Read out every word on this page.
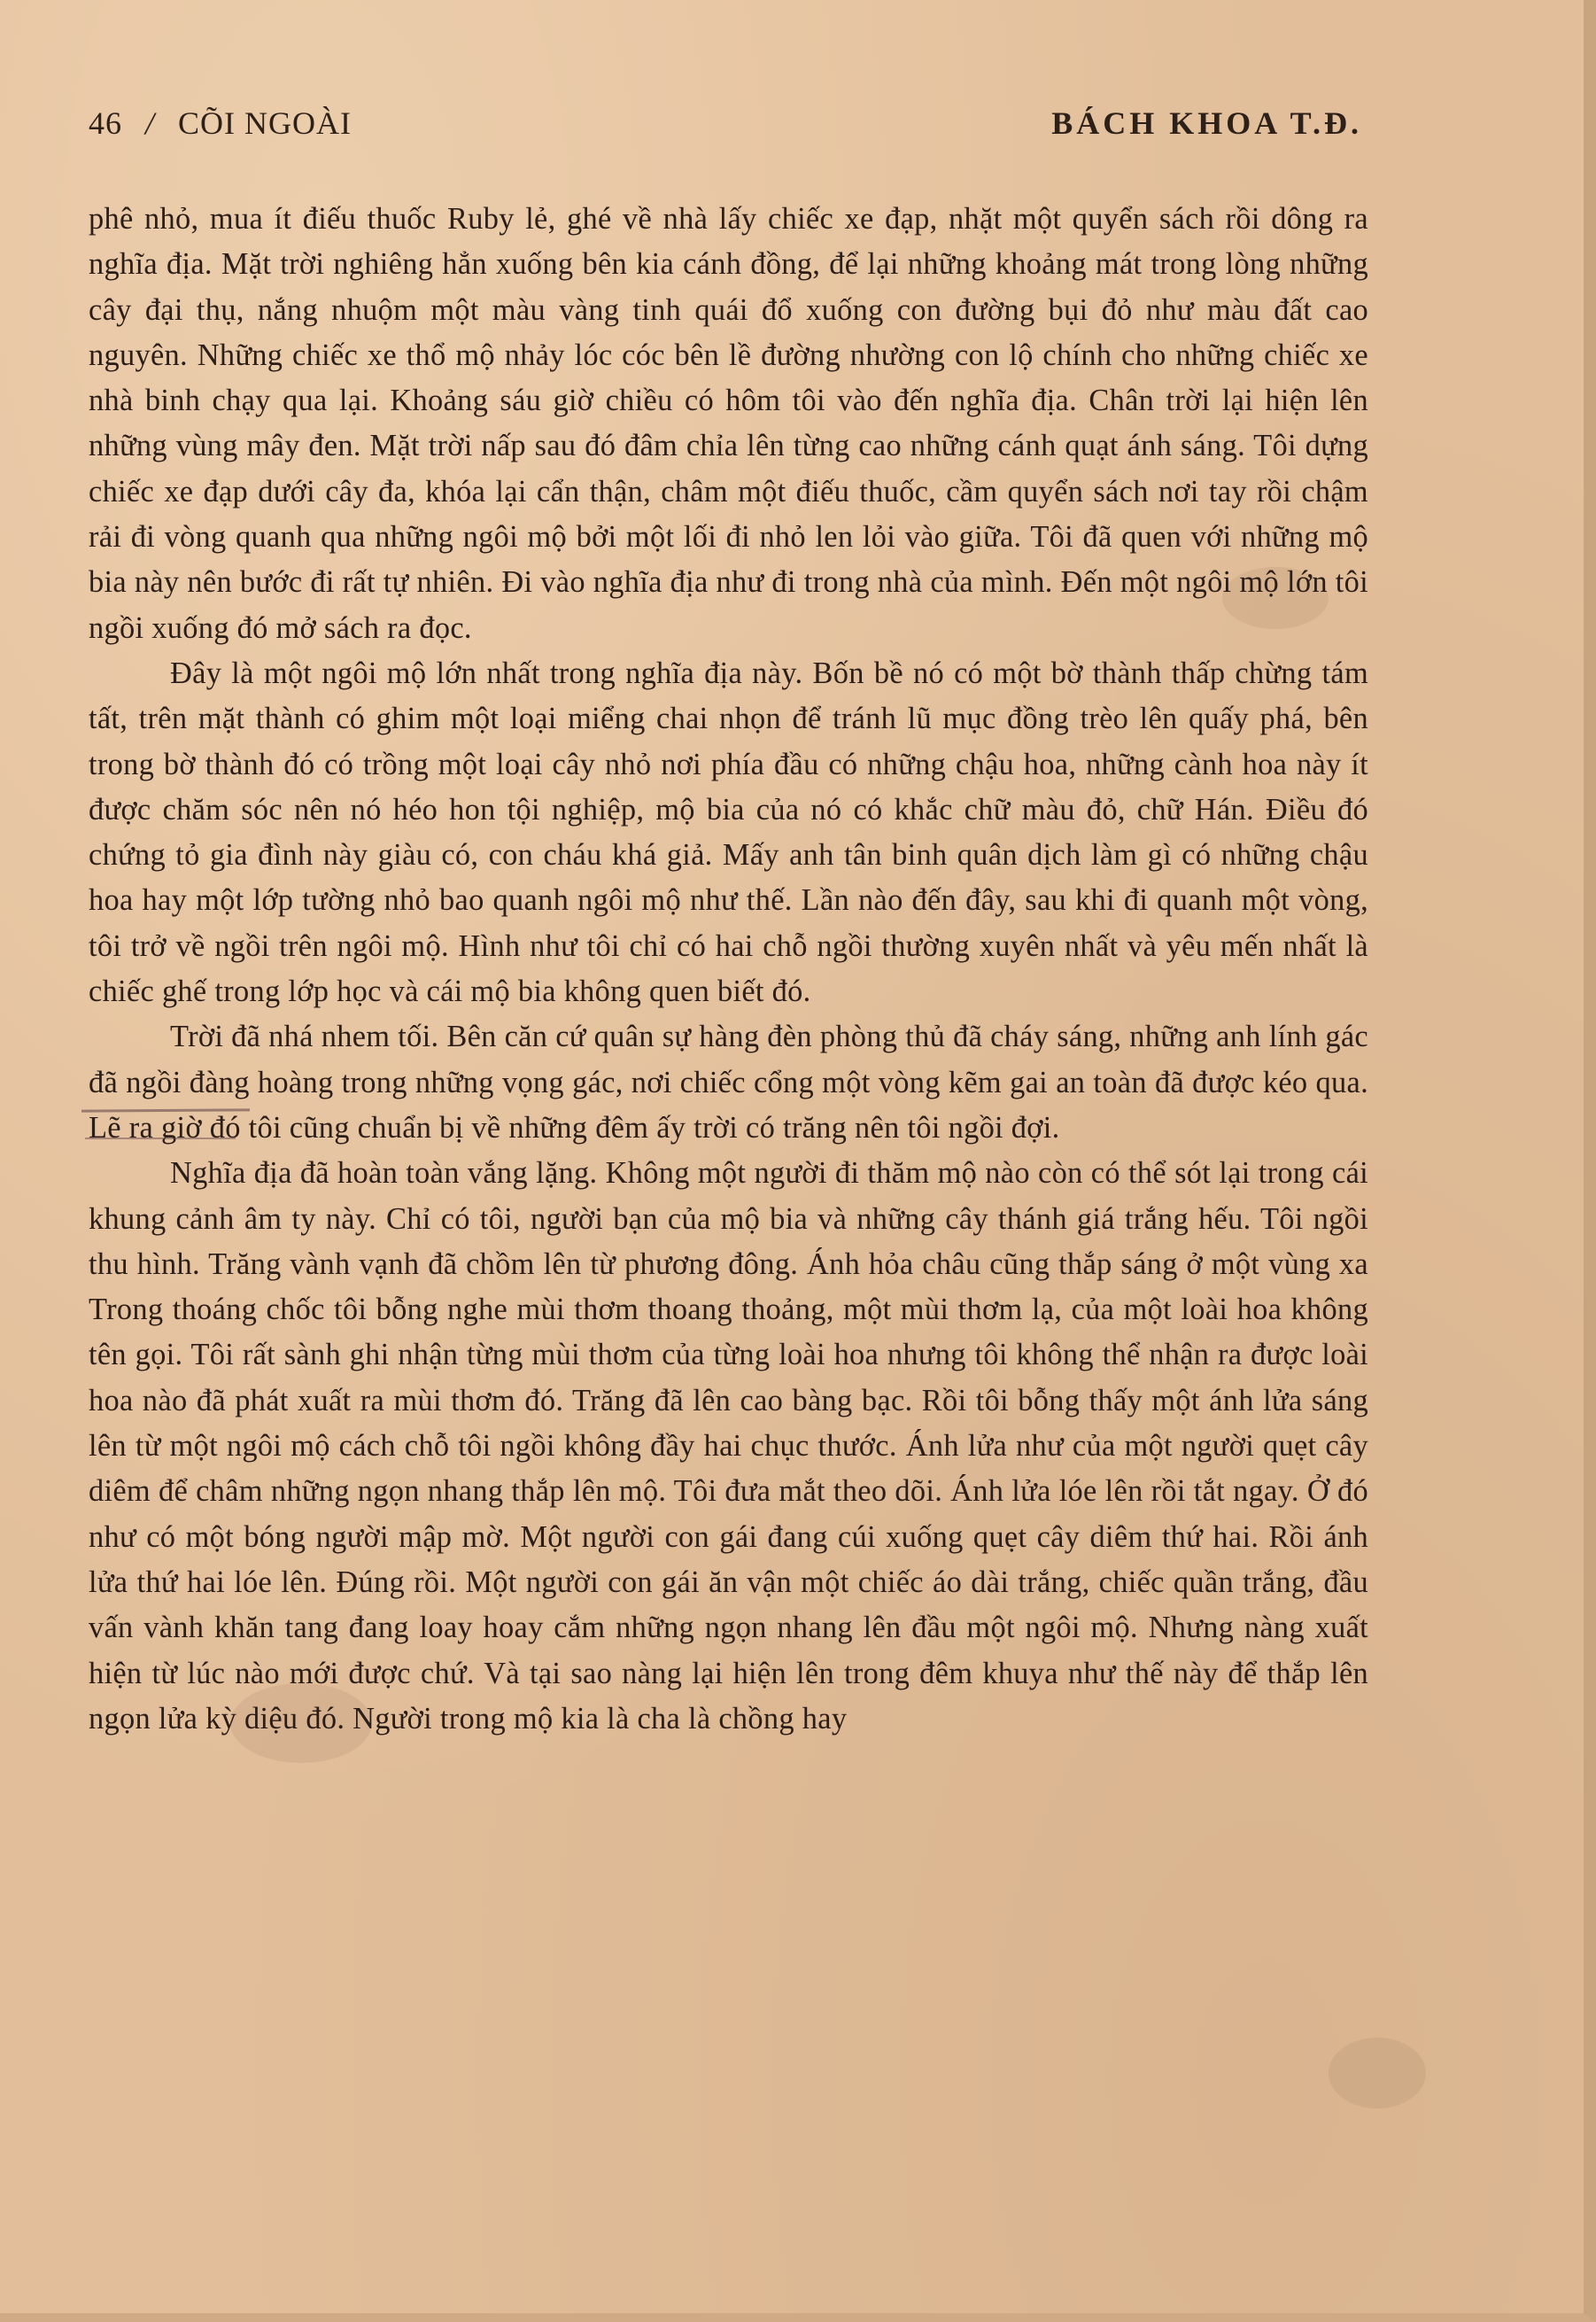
46 / CÕI NGOÀI	BÁCH KHOA T.Đ.

phê nhỏ, mua ít điếu thuốc Ruby lẻ, ghé về nhà lấy chiếc xe đạp, nhặt một quyển sách rồi dông ra nghĩa địa. Mặt trời nghiêng hẳn xuống bên kia cánh đồng, để lại những khoảng mát trong lòng những cây đại thụ, nắng nhuộm một màu vàng tinh quái đổ xuống con đường bụi đỏ như màu đất cao nguyên. Những chiếc xe thổ mộ nhảy lóc cóc bên lề đường nhường con lộ chính cho những chiếc xe nhà binh chạy qua lại. Khoảng sáu giờ chiều có hôm tôi vào đến nghĩa địa. Chân trời lại hiện lên những vùng mây đen. Mặt trời nấp sau đó đâm chỉa lên từng cao những cánh quạt ánh sáng. Tôi dựng chiếc xe đạp dưới cây đa, khóa lại cẩn thận, châm một điếu thuốc, cầm quyển sách nơi tay rồi chậm rải đi vòng quanh qua những ngôi mộ bởi một lối đi nhỏ len lỏi vào giữa. Tôi đã quen với những mộ bia này nên bước đi rất tự nhiên. Đi vào nghĩa địa như đi trong nhà của mình. Đến một ngôi mộ lớn tôi ngồi xuống đó mở sách ra đọc.

Đây là một ngôi mộ lớn nhất trong nghĩa địa này. Bốn bề nó có một bờ thành thấp chừng tám tất, trên mặt thành có ghim một loại miểng chai nhọn để tránh lũ mục đồng trèo lên quấy phá, bên trong bờ thành đó có trồng một loại cây nhỏ nơi phía đầu có những chậu hoa, những cành hoa này ít được chăm sóc nên nó héo hon tội nghiệp, mộ bia của nó có khắc chữ màu đỏ, chữ Hán. Điều đó chứng tỏ gia đình này giàu có, con cháu khá giả. Mấy anh tân binh quân dịch làm gì có những chậu hoa hay một lớp tường nhỏ bao quanh ngôi mộ như thế. Lần nào đến đây, sau khi đi quanh một vòng, tôi trở về ngồi trên ngôi mộ. Hình như tôi chỉ có hai chỗ ngồi thường xuyên nhất và yêu mến nhất là chiếc ghế trong lớp học và cái mộ bia không quen biết đó.

Trời đã nhá nhem tối. Bên căn cứ quân sự hàng đèn phòng thủ đã cháy sáng, những anh lính gác đã ngồi đàng hoàng trong những vọng gác, nơi chiếc cổng một vòng kẽm gai an toàn đã được kéo qua. Lẽ ra giờ đó tôi cũng chuẩn bị về những đêm ấy trời có trăng nên tôi ngồi đợi.

Nghĩa địa đã hoàn toàn vắng lặng. Không một người đi thăm mộ nào còn có thể sót lại trong cái khung cảnh âm ty này. Chỉ có tôi, người bạn của mộ bia và những cây thánh giá trắng hếu. Tôi ngồi thu hình. Trăng vành vạnh đã chồm lên từ phương đông. Ánh hỏa châu cũng thắp sáng ở một vùng xa Trong thoáng chốc tôi bỗng nghe mùi thơm thoang thoảng, một mùi thơm lạ, của một loài hoa không tên gọi. Tôi rất sành ghi nhận từng mùi thơm của từng loài hoa nhưng tôi không thể nhận ra được loài hoa nào đã phát xuất ra mùi thơm đó. Trăng đã lên cao bàng bạc. Rồi tôi bỗng thấy một ánh lửa sáng lên từ một ngôi mộ cách chỗ tôi ngồi không đầy hai chục thước. Ánh lửa như của một người quẹt cây diêm để châm những ngọn nhang thắp lên mộ. Tôi đưa mắt theo dõi. Ánh lửa lóe lên rồi tắt ngay. Ở đó như có một bóng người mập mờ. Một người con gái đang cúi xuống quẹt cây diêm thứ hai. Rồi ánh lửa thứ hai lóe lên. Đúng rồi. Một người con gái ăn vận một chiếc áo dài trắng, chiếc quần trắng, đầu vấn vành khăn tang đang loay hoay cắm những ngọn nhang lên đầu một ngôi mộ. Nhưng nàng xuất hiện từ lúc nào mới được chứ. Và tại sao nàng lại hiện lên trong đêm khuya như thế này để thắp lên ngọn lửa kỳ diệu đó. Người trong mộ kia là cha là chồng hay
